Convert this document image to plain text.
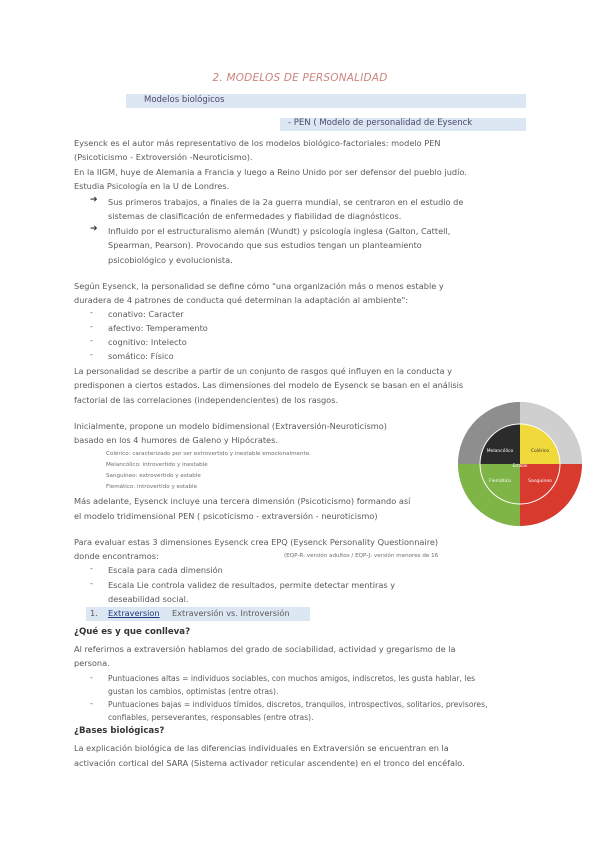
2. MODELOS DE PERSONALIDAD
Modelos biológicos
- PEN ( Modelo de personalidad de Eysenck
Eysenck es el autor más representativo de los modelos biológico-factoriales: modelo PEN
(Psicoticismo - Extroversión -Neuroticismo).
En la IIGM, huye de Alemania a Francia y luego a Reino Unido por ser defensor del pueblo judío.
Estudia Psicología en la U de Londres.
➔ Sus primeros trabajos, a finales de la 2a guerra mundial, se centraron en el estudio de
sistemas de clasificación de enfermedades y fiabilidad de diagnósticos.
➔ Influido por el estructuralismo alemán (Wundt) y psicología inglesa (Galton, Cattell,
Spearman, Pearson). Provocando que sus estudios tengan un planteamiento
psicobiológico y evolucionista.
Según Eysenck, la personalidad se define cómo "una organización más o menos estable y
duradera de 4 patrones de conducta qué determinan la adaptación al ambiente":
- conativo: Caracter
- afectivo: Temperamento
- cognitivo: Intelecto
- somático: Físico
La personalidad se describe a partir de un conjunto de rasgos qué influyen en la conducta y
predisponen a ciertos estados. Las dimensiones del modelo de Eysenck se basan en el análisis
factorial de las correlaciones (independencientes) de los rasgos.
Inicialmente, propone un modelo bidimensional (Extraversión-Neuroticismo)
basado en los 4 humores de Galeno y Hipócrates.
Colérico: caracterizado por ser extrovertido y inestable emocionalmente.
Melancólico: introvertido y inestable
Sanguíneo: extrovertido y estable
Flemático: introvertido y estable
Más adelante, Eysenck incluye una tercera dimensión (Psicoticismo) formando así
el modelo tridimensional PEN ( psicoticismo - extraversión - neuroticismo)
Para evaluar estas 3 dimensiones Eysenck crea EPQ (Eysenck Personality Questionnaire)
donde encontramos:	(EQP-R: versión adultos / EQP-J: versión menores de 16
- Escala para cada dimensión
- Escala Lie controla validez de resultados, permite detectar mentiras y
deseabilidad social.
1. Extraversion Extraversión vs. Introversión
¿Qué es y que conlleva?
Al referirnos a extraversión hablamos del grado de sociabilidad, actividad y gregarismo de la
persona.
- Puntuaciones altas = individuos sociables, con muchos amigos, indiscretos, les gusta hablar, les
gustan los cambios, optimistas (entre otras).
- Puntuaciones bajas = individuos tímidos, discretos, tranquilos, introspectivos, solitarios, previsores,
confiables, perseverantes, responsables (entre otras).
¿Bases biológicas?
La explicación biológica de las diferencias individuales en Extraversión se encuentran en la
activación cortical del SARA (Sistema activador reticular ascendente) en el tronco del encéfalo.
Melancólico	Colérico
Flemático	Sanguíneo
Estable
